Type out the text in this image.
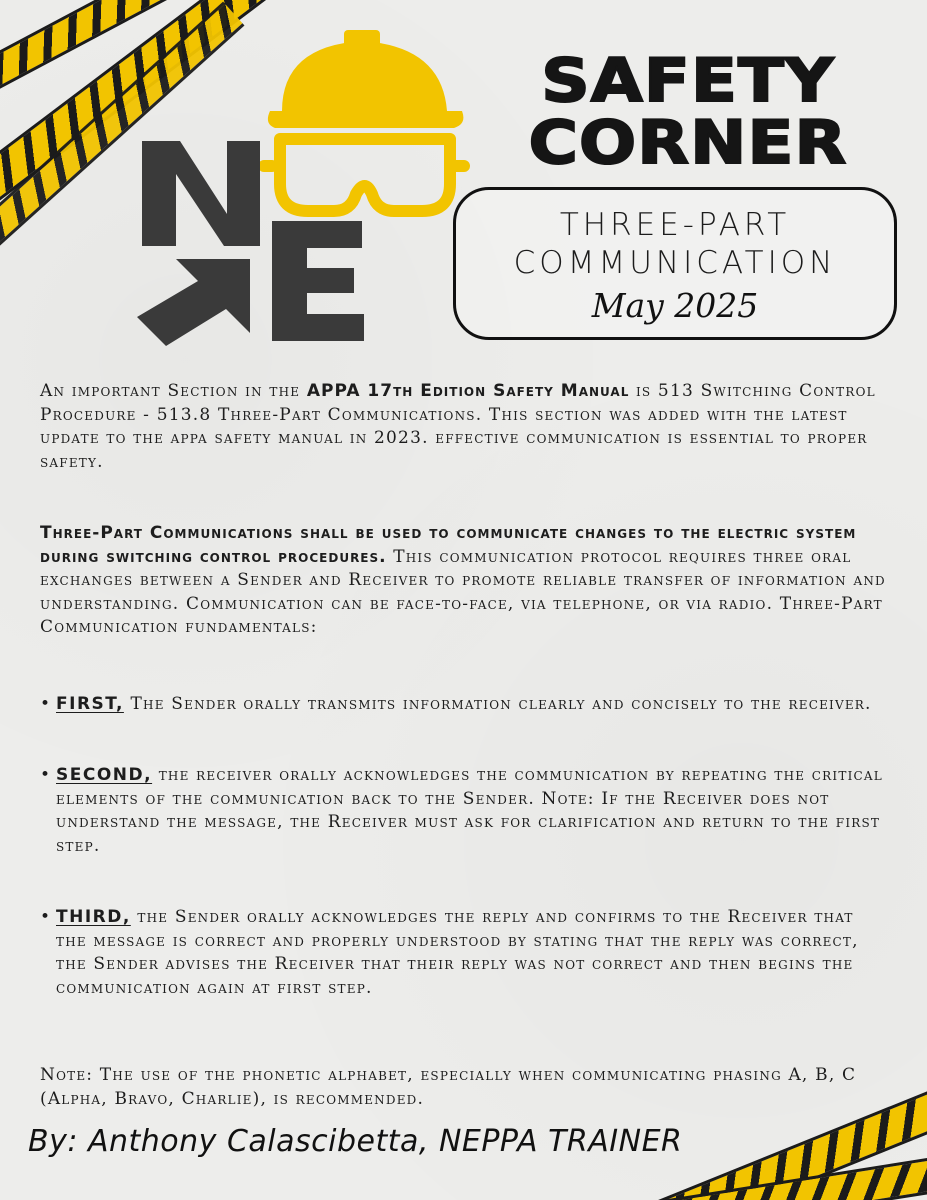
SAFETY
CORNER
THREE-PART
COMMUNICATION
May 2025

An important Section in the APPA 17th Edition Safety Manual is 513 Switching Control Procedure - 513.8 Three-Part Communications. This section was added with the latest update to the appa safety manual in 2023. effective communication is essential to proper safety.

Three-Part Communications shall be used to communicate changes to the electric system during switching control procedures. This communication protocol requires three oral exchanges between a Sender and Receiver to promote reliable transfer of information and understanding. Communication can be face-to-face, via telephone, or via radio. Three-Part Communication fundamentals:

• FIRST, The Sender orally transmits information clearly and concisely to the receiver.
• SECOND, the receiver orally acknowledges the communication by repeating the critical elements of the communication back to the Sender. Note: If the Receiver does not understand the message, the Receiver must ask for clarification and return to the first step.
• THIRD, the Sender orally acknowledges the reply and confirms to the Receiver that the message is correct and properly understood by stating that the reply was correct, the Sender advises the Receiver that their reply was not correct and then begins the communication again at first step.

Note: The use of the phonetic alphabet, especially when communicating phasing A, B, C (Alpha, Bravo, Charlie), is recommended.

By: Anthony Calascibetta, NEPPA TRAINER
